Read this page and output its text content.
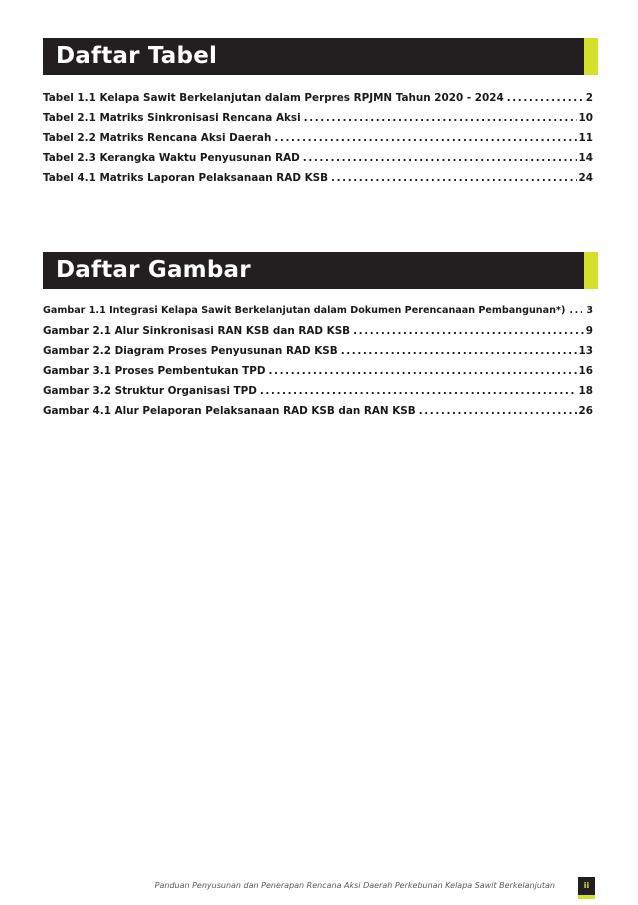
Daftar Tabel
Tabel 1.1 Kelapa Sawit Berkelanjutan dalam Perpres RPJMN Tahun 2020 - 2024 .....	2
Tabel 2.1 Matriks Sinkronisasi Rencana Aksi .....	10
Tabel 2.2 Matriks Rencana Aksi Daerah .....	11
Tabel 2.3 Kerangka Waktu Penyusunan RAD .....	14
Tabel 4.1 Matriks Laporan Pelaksanaan RAD KSB .....	24
Daftar Gambar
Gambar 1.1 Integrasi Kelapa Sawit Berkelanjutan dalam Dokumen Perencanaan Pembangunan*) ..... 3
Gambar 2.1 Alur Sinkronisasi RAN KSB dan RAD KSB .....	9
Gambar 2.2 Diagram Proses Penyusunan RAD KSB .....	13
Gambar 3.1 Proses Pembentukan TPD .....	16
Gambar 3.2 Struktur Organisasi TPD .....	18
Gambar 4.1 Alur Pelaporan Pelaksanaan RAD KSB dan RAN KSB .....	26
Panduan Penyusunan dan Penerapan Rencana Aksi Daerah Perkebunan Kelapa Sawit Berkelanjutan	ii
